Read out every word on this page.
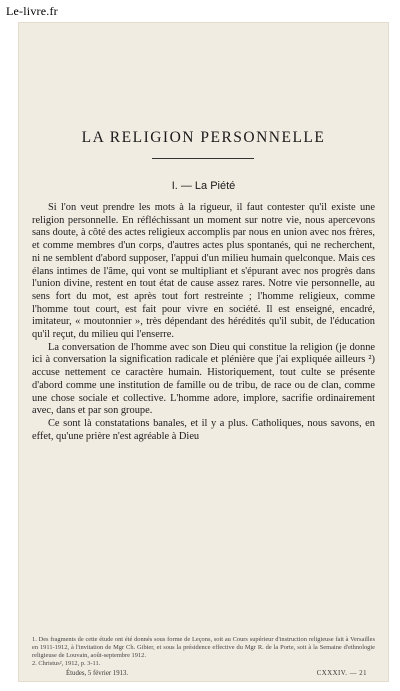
Le-livre.fr
LA RELIGION PERSONNELLE
I. — La Piété

Si l'on veut prendre les mots à la rigueur, il faut contester qu'il existe une religion personnelle. En réfléchissant un moment sur notre vie, nous apercevons sans doute, à côté des actes religieux accomplis par nous en union avec nos frères, et comme membres d'un corps, d'autres actes plus spontanés, qui ne recherchent, ni ne semblent d'abord supposer, l'appui d'un milieu humain quelconque. Mais ces élans intimes de l'âme, qui vont se multipliant et s'épurant avec nos progrès dans l'union divine, restent en tout état de cause assez rares. Notre vie personnelle, au sens fort du mot, est après tout fort restreinte ; l'homme religieux, comme l'homme tout court, est fait pour vivre en société. Il est enseigné, encadré, imitateur, « moutonnier », très dépendant des hérédités qu'il subit, de l'éducation qu'il reçut, du milieu qui l'enserre.

La conversation de l'homme avec son Dieu qui constitue la religion (je donne ici à conversation la signification radicale et plénière que j'ai expliquée ailleurs ²) accuse nettement ce caractère humain. Historiquement, tout culte se présente d'abord comme une institution de famille ou de tribu, de race ou de clan, comme une chose sociale et collective. L'homme adore, implore, sacrifie ordinairement avec, dans et par son groupe.

Ce sont là constatations banales, et il y a plus. Catholiques, nous savons, en effet, qu'une prière n'est agréable à Dieu

1. Des fragments de cette étude ont été donnés sous forme de Leçons, soit au Cours supérieur d'instruction religieuse fait à Versailles en 1911-1912, à l'invitation de Mgr Ch. Gibier, et sous la présidence effective du Mgr R. de la Porte, soit à la Semaine d'ethnologie religieuse de Louvain, août-septembre 1912.

2. Christus², 1912, p. 3-11.

Études, 5 février 1913.	CXXXIV. — 21
